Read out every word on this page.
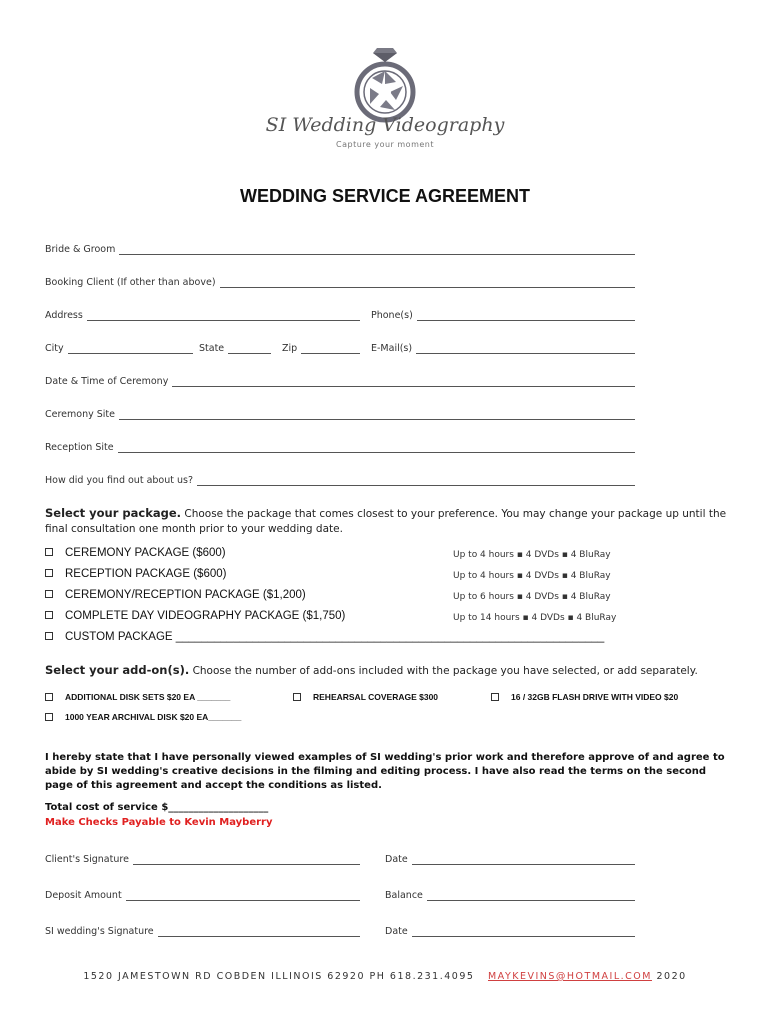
SI Wedding Videography
Capture your moment
WEDDING SERVICE AGREEMENT
Bride & Groom
Booking Client (If other than above)
Address	Phone(s)
City	State	Zip	E-Mail(s)
Date & Time of Ceremony
Ceremony Site
Reception Site
How did you find out about us?
Select your package. Choose the package that comes closest to your preference. You may change your package up until the final consultation one month prior to your wedding date.
CEREMONY PACKAGE ($600)	Up to 4 hours ▪ 4 DVDs ▪ 4 BluRay
RECEPTION PACKAGE ($600)	Up to 4 hours ▪ 4 DVDs ▪ 4 BluRay
CEREMONY/RECEPTION PACKAGE ($1,200)	Up to 6 hours ▪ 4 DVDs ▪ 4 BluRay
COMPLETE DAY VIDEOGRAPHY PACKAGE ($1,750)	Up to 14 hours ▪ 4 DVDs ▪ 4 BluRay
CUSTOM PACKAGE ___________________________________________________________________
Select your add-on(s). Choose the number of add-ons included with the package you have selected, or add separately.
ADDITIONAL DISK SETS $20 EA _______	REHEARSAL COVERAGE $300	16 / 32GB FLASH DRIVE WITH VIDEO $20
1000 YEAR ARCHIVAL DISK $20 EA_______
I hereby state that I have personally viewed examples of SI wedding's prior work and therefore approve of and agree to abide by SI wedding's creative decisions in the filming and editing process. I have also read the terms on the second page of this agreement and accept the conditions as listed.
Total cost of service $____________________
Make Checks Payable to Kevin Mayberry
Client's Signature	Date
Deposit Amount	Balance
SI wedding's Signature	Date
1520 JAMESTOWN RD COBDEN ILLINOIS 62920 PH 618.231.4095 MAYKEVINS@HOTMAIL.COM 2020
